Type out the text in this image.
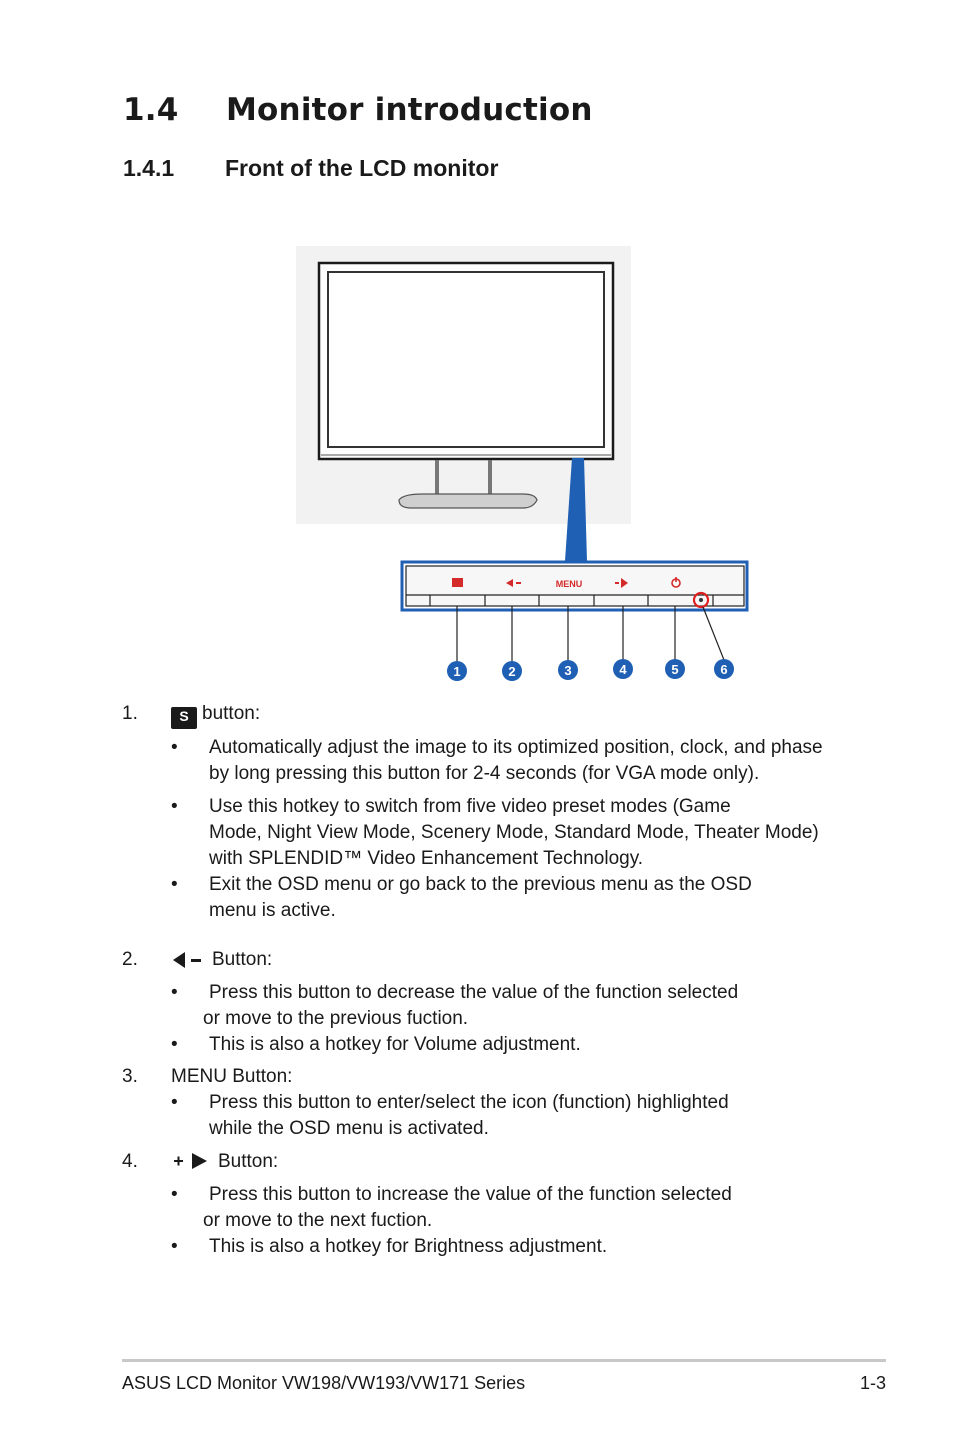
1.4 Monitor introduction
1.4.1 Front of the LCD monitor
MENU
1	2	3	4	5	6
1.	S button:
• Automatically adjust the image to its optimized position, clock, and phase
by long pressing this button for 2-4 seconds (for VGA mode only).
• Use this hotkey to switch from five video preset modes (Game
Mode, Night View Mode, Scenery Mode, Standard Mode, Theater Mode)
with SPLENDID™ Video Enhancement Technology.
• Exit the OSD menu or go back to the previous menu as the OSD
menu is active.
2.	Button:
• Press this button to decrease the value of the function selected
or move to the previous fuction.
• This is also a hotkey for Volume adjustment.
3. MENU Button:
• Press this button to enter/select the icon (function) highlighted
while the OSD menu is activated.
4.	Button:
• Press this button to increase the value of the function selected
or move to the next fuction.
• This is also a hotkey for Brightness adjustment.
ASUS LCD Monitor VW198/VW193/VW171 Series	1-3
